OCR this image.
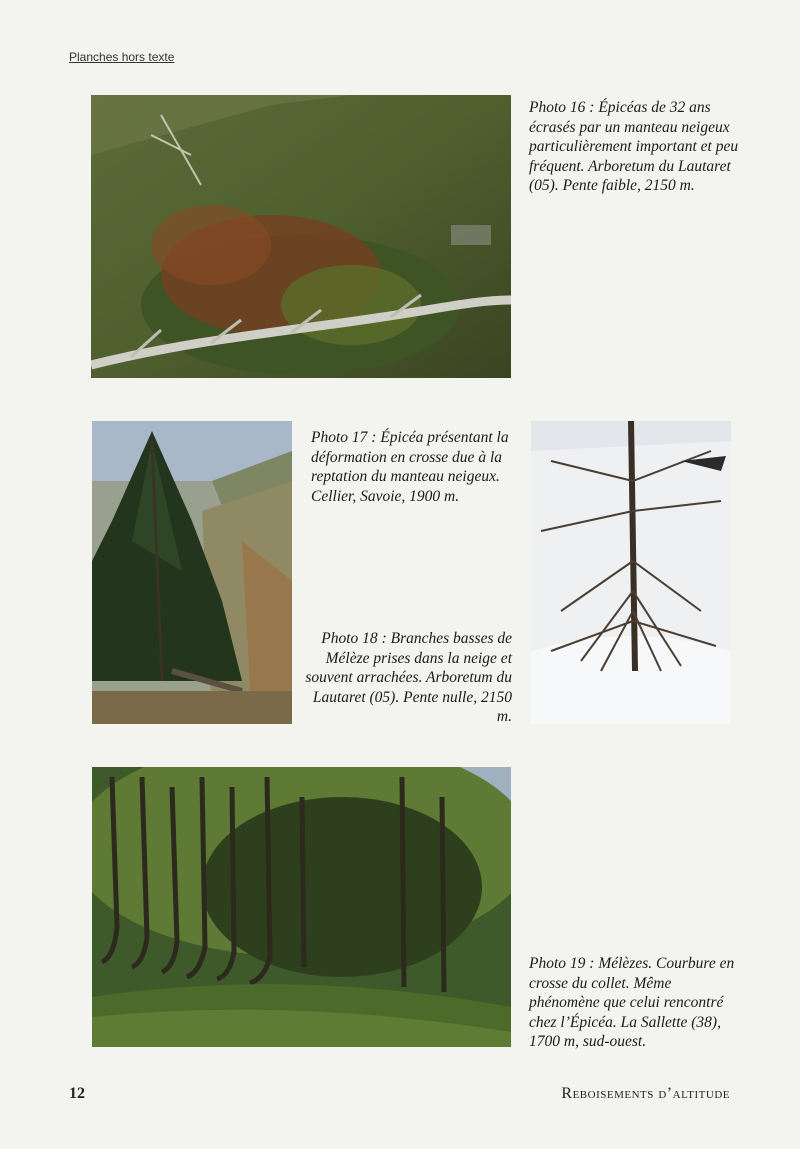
Planches hors texte
Photo 16 : Épicéas de 32 ans écrasés par un manteau neigeux particulièrement important et peu fréquent. Arboretum du Lautaret (05). Pente faible, 2150 m.
Photo 17 : Épicéa présentant la déformation en crosse due à la reptation du manteau neigeux. Cellier, Savoie, 1900 m.
Photo 18 : Branches basses de Mélèze prises dans la neige et souvent arrachées. Arboretum du Lautaret (05). Pente nulle, 2150 m.
Photo 19 : Mélèzes. Courbure en crosse du collet. Même phénomène que celui rencontré chez l’Épicéa. La Sallette (38), 1700 m, sud-ouest.
12	Reboisements d’altitude
